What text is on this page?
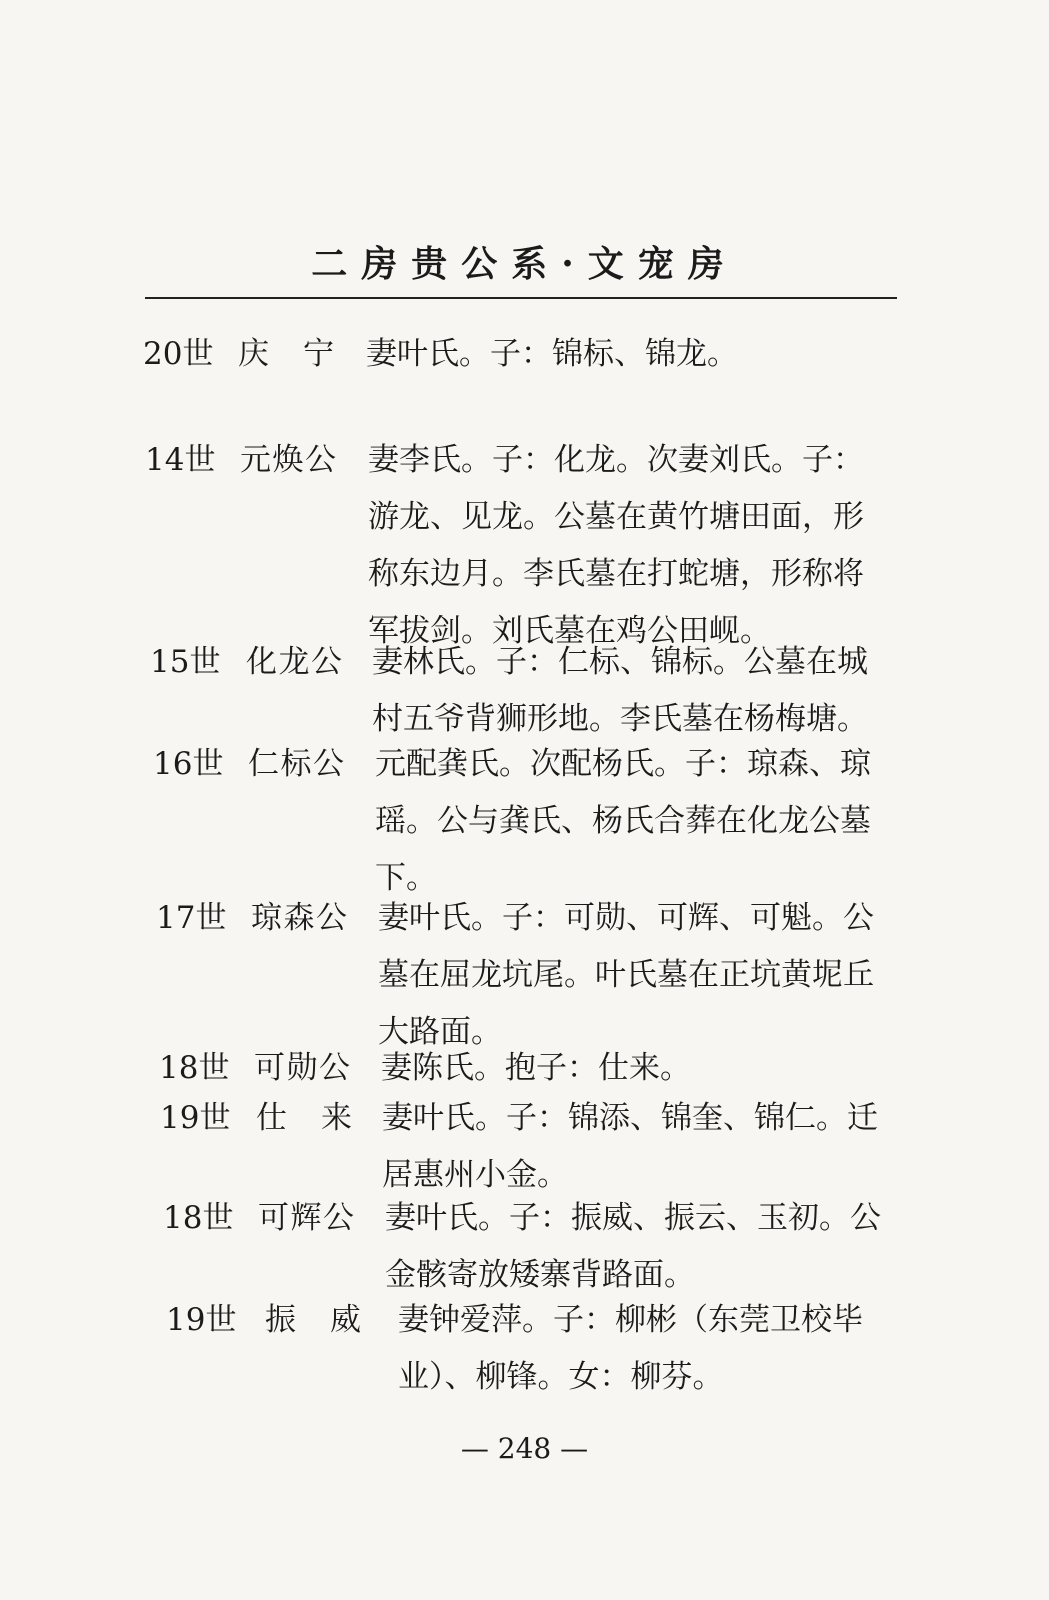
二房贵公系·文宠房
20世 庆　宁 妻叶氏。子：锦标、锦龙。
14世 元焕公 妻李氏。子：化龙。次妻刘氏。子：游龙、见龙。公墓在黄竹塘田面，形称东边月。李氏墓在打蛇塘，形称将军拔剑。刘氏墓在鸡公田岘。
15世 化龙公 妻林氏。子：仁标、锦标。公墓在城村五爷背狮形地。李氏墓在杨梅塘。
16世 仁标公 元配龚氏。次配杨氏。子：琼森、琼瑶。公与龚氏、杨氏合葬在化龙公墓下。
17世 琼森公 妻叶氏。子：可勋、可辉、可魁。公墓在屈龙坑尾。叶氏墓在正坑黄坭丘大路面。
18世 可勋公 妻陈氏。抱子：仕来。
19世 仕　来 妻叶氏。子：锦添、锦奎、锦仁。迁居惠州小金。
18世 可辉公 妻叶氏。子：振威、振云、玉初。公金骸寄放矮寨背路面。
19世 振　威 妻钟爱萍。子：柳彬（东莞卫校毕业）、柳锋。女：柳芬。
— 248 —
